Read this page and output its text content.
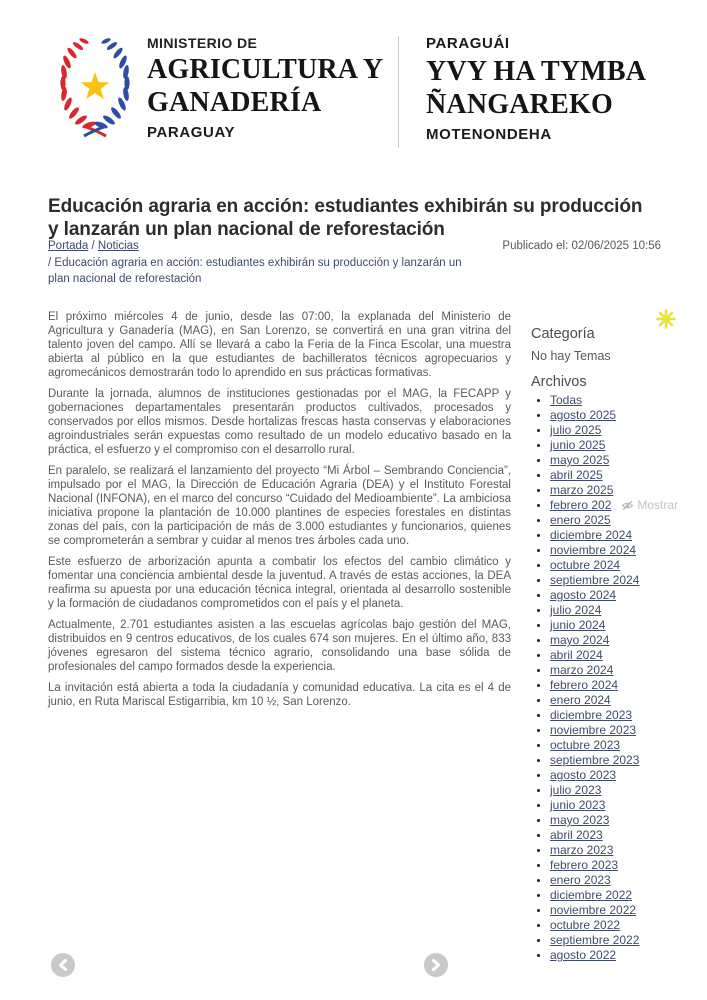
MINISTERIO DE
AGRICULTURA Y
GANADERÍA
PARAGUAY
PARAGUÁI
YVY HA TYMBA
ÑANGAREKO
MOTENONDEHA
Educación agraria en acción: estudiantes exhibirán su producción y lanzarán un plan nacional de reforestación
Portada / Noticias
/ Educación agraria en acción: estudiantes exhibirán su producción y lanzarán un plan nacional de reforestación
Publicado el: 02/06/2025 10:56

El próximo miércoles 4 de junio, desde las 07:00, la explanada del Ministerio de Agricultura y Ganadería (MAG), en San Lorenzo, se convertirá en una gran vitrina del talento joven del campo. Allí se llevará a cabo la Feria de la Finca Escolar, una muestra abierta al público en la que estudiantes de bachilleratos técnicos agropecuarios y agromecánicos demostrarán todo lo aprendido en sus prácticas formativas.

Durante la jornada, alumnos de instituciones gestionadas por el MAG, la FECAPP y gobernaciones departamentales presentarán productos cultivados, procesados y conservados por ellos mismos. Desde hortalizas frescas hasta conservas y elaboraciones agroindustriales serán expuestas como resultado de un modelo educativo basado en la práctica, el esfuerzo y el compromiso con el desarrollo rural.

En paralelo, se realizará el lanzamiento del proyecto “Mi Árbol – Sembrando Conciencia”, impulsado por el MAG, la Dirección de Educación Agraria (DEA) y el Instituto Forestal Nacional (INFONA), en el marco del concurso “Cuidado del Medioambiente”. La ambiciosa iniciativa propone la plantación de 10.000 plantines de especies forestales en distintas zonas del país, con la participación de más de 3.000 estudiantes y funcionarios, quienes se comprometerán a sembrar y cuidar al menos tres árboles cada uno.

Este esfuerzo de arborización apunta a combatir los efectos del cambio climático y fomentar una conciencia ambiental desde la juventud. A través de estas acciones, la DEA reafirma su apuesta por una educación técnica integral, orientada al desarrollo sostenible y la formación de ciudadanos comprometidos con el país y el planeta.

Actualmente, 2.701 estudiantes asisten a las escuelas agrícolas bajo gestión del MAG, distribuidos en 9 centros educativos, de los cuales 674 son mujeres. En el último año, 833 jóvenes egresaron del sistema técnico agrario, consolidando una base sólida de profesionales del campo formados desde la experiencia.

La invitación está abierta a toda la ciudadanía y comunidad educativa. La cita es el 4 de junio, en Ruta Mariscal Estigarribia, km 10 ½, San Lorenzo.

Categoría
No hay Temas
Archivos
• Todas
• agosto 2025
• julio 2025
• junio 2025
• mayo 2025
• abril 2025
• marzo 2025
• febrero 202 Mostrar
• enero 2025
• diciembre 2024
• noviembre 2024
• octubre 2024
• septiembre 2024
• agosto 2024
• julio 2024
• junio 2024
• mayo 2024
• abril 2024
• marzo 2024
• febrero 2024
• enero 2024
• diciembre 2023
• noviembre 2023
• octubre 2023
• septiembre 2023
• agosto 2023
• julio 2023
• junio 2023
• mayo 2023
• abril 2023
• marzo 2023
• febrero 2023
• enero 2023
• diciembre 2022
• noviembre 2022
• octubre 2022
• septiembre 2022
• agosto 2022
